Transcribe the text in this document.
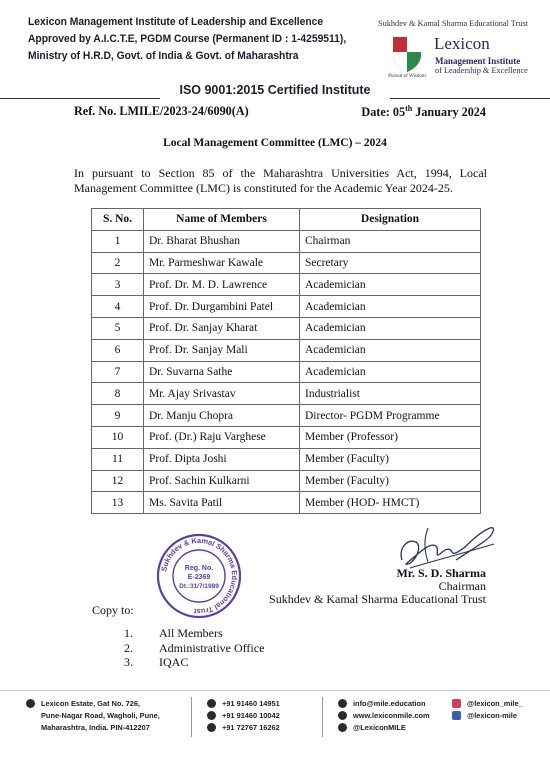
Lexicon Management Institute of Leadership and Excellence
Approved by A.I.C.T.E, PGDM Course (Permanent ID : 1-4259511),
Ministry of H.R.D, Govt. of India & Govt. of Maharashtra
Sukhdev & Kamal Sharma Educational Trust
Pursuit of Wisdom
Lexicon
Management Institute
of Leadership & Excellence
ISO 9001:2015 Certified Institute
Ref. No. LMILE/2023-24/6090(A)	Date: 05th January 2024
Local Management Committee (LMC) – 2024
In pursuant to Section 85 of the Maharashtra Universities Act, 1994, Local Management Committee (LMC) is constituted for the Academic Year 2024-25.
S. No.	Name of Members	Designation
1	Dr. Bharat Bhushan	Chairman
2	Mr. Parmeshwar Kawale	Secretary
3	Prof. Dr. M. D. Lawrence	Academician
4	Prof. Dr. Durgambini Patel	Academician
5	Prof. Dr. Sanjay Kharat	Academician
6	Prof. Dr. Sanjay Mali	Academician
7	Dr. Suvarna Sathe	Academician
8	Mr. Ajay Srivastav	Industrialist
9	Dr. Manju Chopra	Director- PGDM Programme
10	Prof. (Dr.) Raju Varghese	Member (Professor)
11	Prof. Dipta Joshi	Member (Faculty)
12	Prof. Sachin Kulkarni	Member (Faculty)
13	Ms. Savita Patil	Member (HOD- HMCT)
Sukhdev & Kamal Sharma Educational Trust
Reg. No.
E-2369
Dt.:31/7/1989
Mr. S. D. Sharma
Chairman
Sukhdev & Kamal Sharma Educational Trust
Copy to:
1.	All Members
2.	Administrative Office
3.	IQAC
Lexicon Estate, Gat No. 726,
Pune-Nagar Road, Wagholi, Pune,
Maharashtra, India. PIN-412207
+91 91460 14951
+91 91460 10042
+91 72767 16262
info@mile.education
www.lexiconmile.com
@LexiconMILE
@lexicon_mile_
@lexicon-mile
